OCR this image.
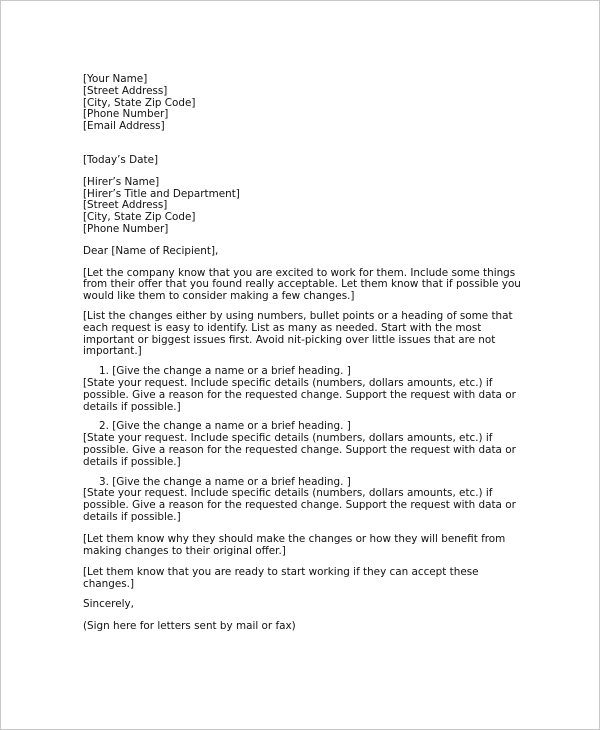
[Your Name]
[Street Address]
[City, State Zip Code]
[Phone Number]
[Email Address]
[Today’s Date]
[Hirer’s Name]
[Hirer’s Title and Department]
[Street Address]
[City, State Zip Code]
[Phone Number]
Dear [Name of Recipient],
[Let the company know that you are excited to work for them. Include some things
from their offer that you found really acceptable. Let them know that if possible you
would like them to consider making a few changes.]
[List the changes either by using numbers, bullet points or a heading of some that
each request is easy to identify. List as many as needed. Start with the most
important or biggest issues first. Avoid nit-picking over little issues that are not
important.]
1. [Give the change a name or a brief heading. ]
[State your request. Include specific details (numbers, dollars amounts, etc.) if
possible. Give a reason for the requested change. Support the request with data or
details if possible.]
2. [Give the change a name or a brief heading. ]
[State your request. Include specific details (numbers, dollars amounts, etc.) if
possible. Give a reason for the requested change. Support the request with data or
details if possible.]
3. [Give the change a name or a brief heading. ]
[State your request. Include specific details (numbers, dollars amounts, etc.) if
possible. Give a reason for the requested change. Support the request with data or
details if possible.]
[Let them know why they should make the changes or how they will benefit from
making changes to their original offer.]
[Let them know that you are ready to start working if they can accept these
changes.]
Sincerely,
(Sign here for letters sent by mail or fax)
